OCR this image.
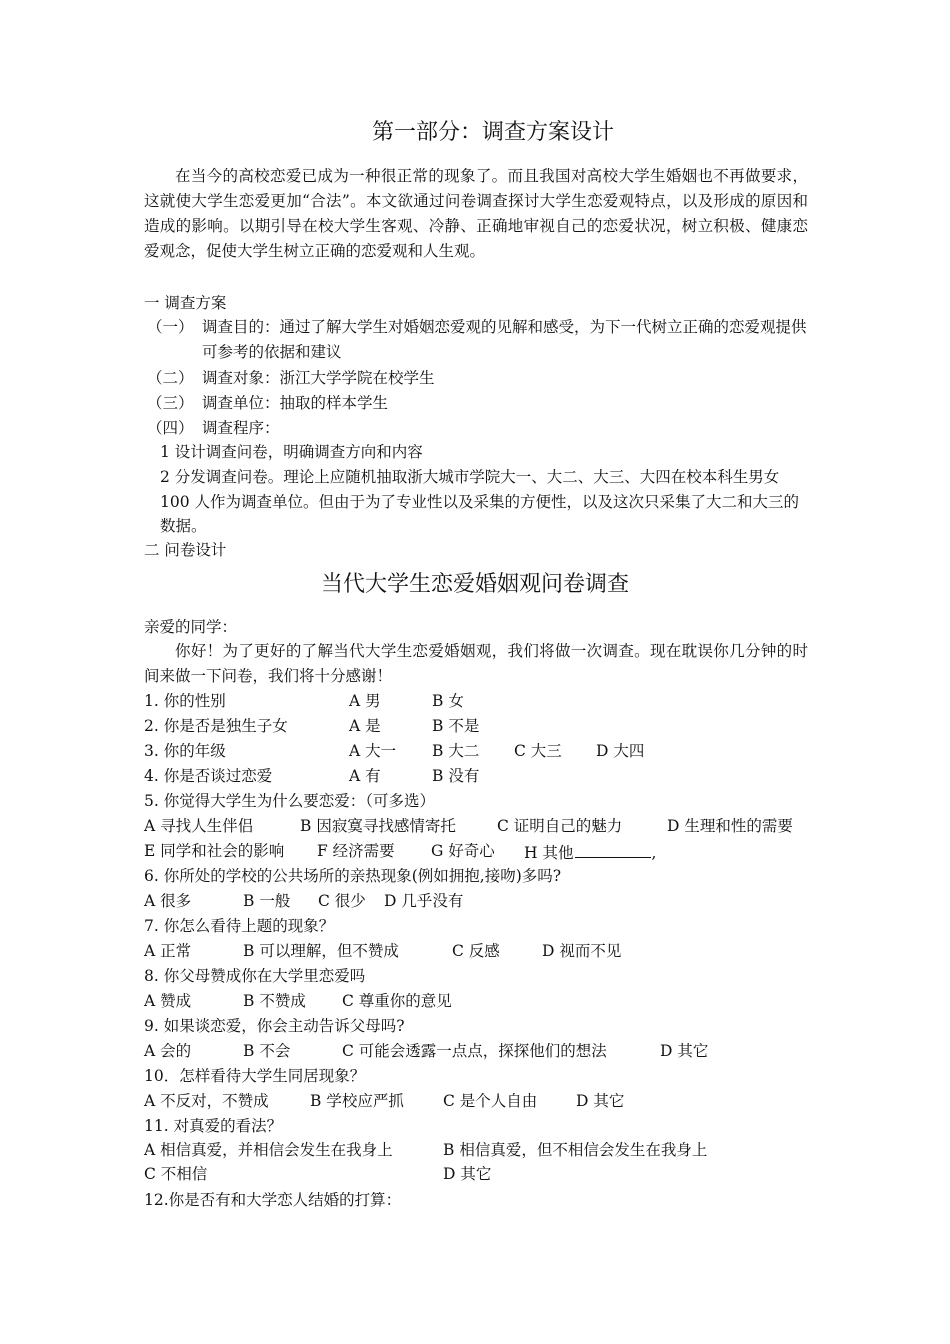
第一部分：调查方案设计
在当今的高校恋爱已成为一种很正常的现象了。而且我国对高校大学生婚姻也不再做要求，这就使大学生恋爱更加“合法”。本文欲通过问卷调查探讨大学生恋爱观特点，以及形成的原因和造成的影响。以期引导在校大学生客观、冷静、正确地审视自己的恋爱状况，树立积极、健康恋爱观念，促使大学生树立正确的恋爱观和人生观。
一 调查方案
（一） 调查目的：通过了解大学生对婚姻恋爱观的见解和感受，为下一代树立正确的恋爱观提供可参考的依据和建议
（二） 调查对象：浙江大学学院在校学生
（三） 调查单位：抽取的样本学生
（四） 调查程序：
1 设计调查问卷，明确调查方向和内容
2 分发调查问卷。理论上应随机抽取浙大城市学院大一、大二、大三、大四在校本科生男女 100 人作为调查单位。但由于为了专业性以及采集的方便性，以及这次只采集了大二和大三的数据。
二 问卷设计
当代大学生恋爱婚姻观问卷调查
亲爱的同学：
你好！为了更好的了解当代大学生恋爱婚姻观，我们将做一次调查。现在耽误你几分钟的时间来做一下问卷，我们将十分感谢！
1. 你的性别	A 男	B 女
2. 你是否是独生子女	A 是	B 不是
3. 你的年级	A 大一 B 大二 C 大三 D 大四
4. 你是否谈过恋爱	A 有	B 没有
5. 你觉得大学生为什么要恋爱：（可多选）
A 寻找人生伴侣	B 因寂寞寻找感情寄托	C 证明自己的魅力	D 生理和性的需要
E 同学和社会的影响 F 经济需要 G 好奇心 H 其他	,
6. 你所处的学校的公共场所的亲热现象(例如拥抱,接吻)多吗?
A 很多	B 一般 C 很少 D 几乎没有
7. 你怎么看待上题的现象？
A 正常	B 可以理解，但不赞成	C 反感	D 视而不见
8. 你父母赞成你在大学里恋爱吗
A 赞成	B 不赞成 C 尊重你的意见
9. 如果谈恋爱，你会主动告诉父母吗?
A 会的	B 不会	C 可能会透露一点点，探探他们的想法	D 其它
10．怎样看待大学生同居现象？
A 不反对，不赞成	B 学校应严抓	C 是个人自由 D 其它
11. 对真爱的看法？
A 相信真爱，并相信会发生在我身上	B 相信真爱，但不相信会发生在我身上
C 不相信	D 其它
12.你是否有和大学恋人结婚的打算：
